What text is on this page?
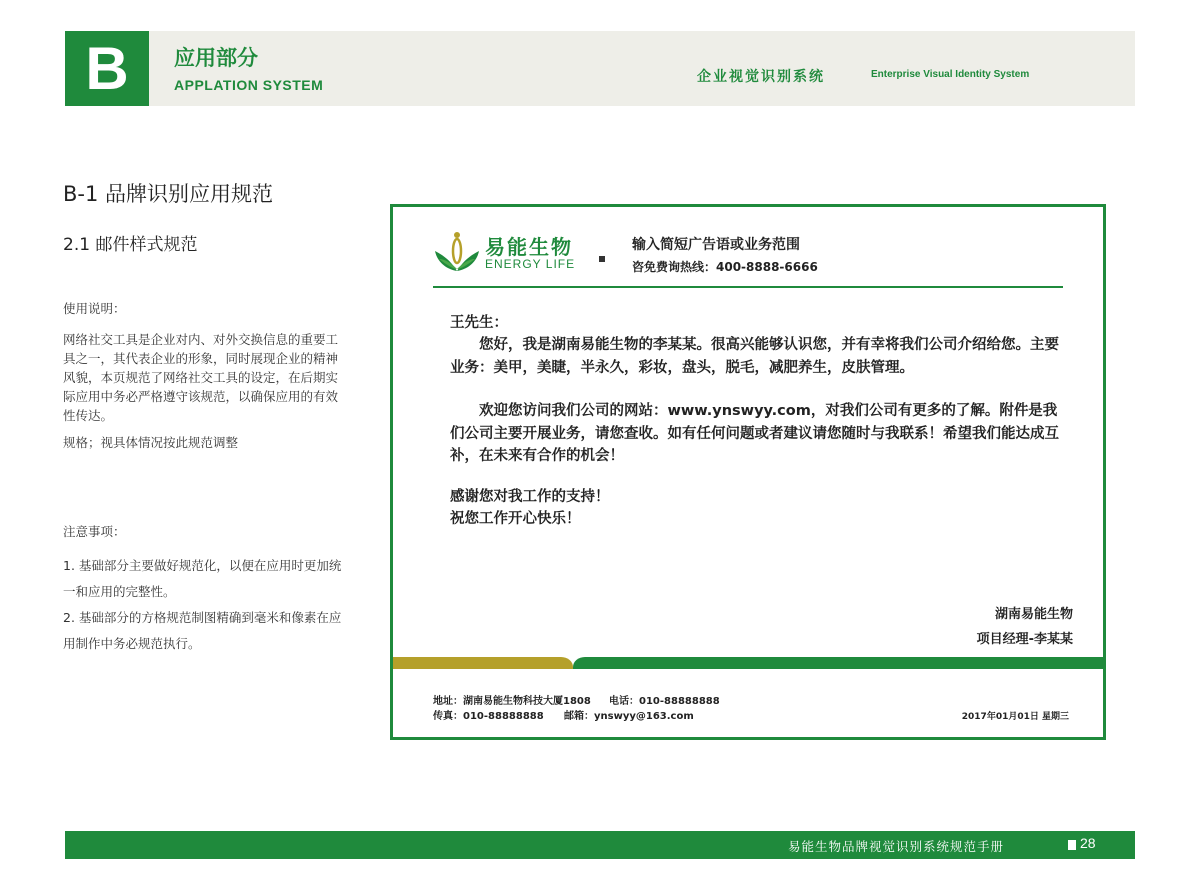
B	应用部分
APPLATION SYSTEM	企业视觉识别系统	Enterprise Visual Identity System
B-1 品牌识别应用规范
2.1 邮件样式规范
使用说明：
网络社交工具是企业对内、对外交换信息的重要工具之一，其代表企业的形象，同时展现企业的精神风貌，本页规范了网络社交工具的设定，在后期实际应用中务必严格遵守该规范，以确保应用的有效性传达。
规格；视具体情况按此规范调整
注意事项：
1. 基础部分主要做好规范化，以便在应用时更加统一和应用的完整性。
2. 基础部分的方格规范制图精确到毫米和像素在应用制作中务必规范执行。
易能生物
ENERGY LIFE
输入简短广告语或业务范围
咨免费询热线：400-8888-6666
王先生：
您好，我是湖南易能生物的李某某。很高兴能够认识您，并有幸将我们公司介绍给您。主要业务：美甲，美睫，半永久，彩妆，盘头，脱毛，减肥养生，皮肤管理。
欢迎您访问我们公司的网站：www.ynswyy.com，对我们公司有更多的了解。附件是我们公司主要开展业务，请您查收。如有任何问题或者建议请您随时与我联系！希望我们能达成互补，在未来有合作的机会！
感谢您对我工作的支持！
祝您工作开心快乐！
湖南易能生物
项目经理-李某某
地址：湖南易能生物科技大厦1808 电话：010-88888888
传真：010-88888888 邮箱：ynswyy@163.com	2017年01月01日 星期三
易能生物品牌视觉识别系统规范手册	28
